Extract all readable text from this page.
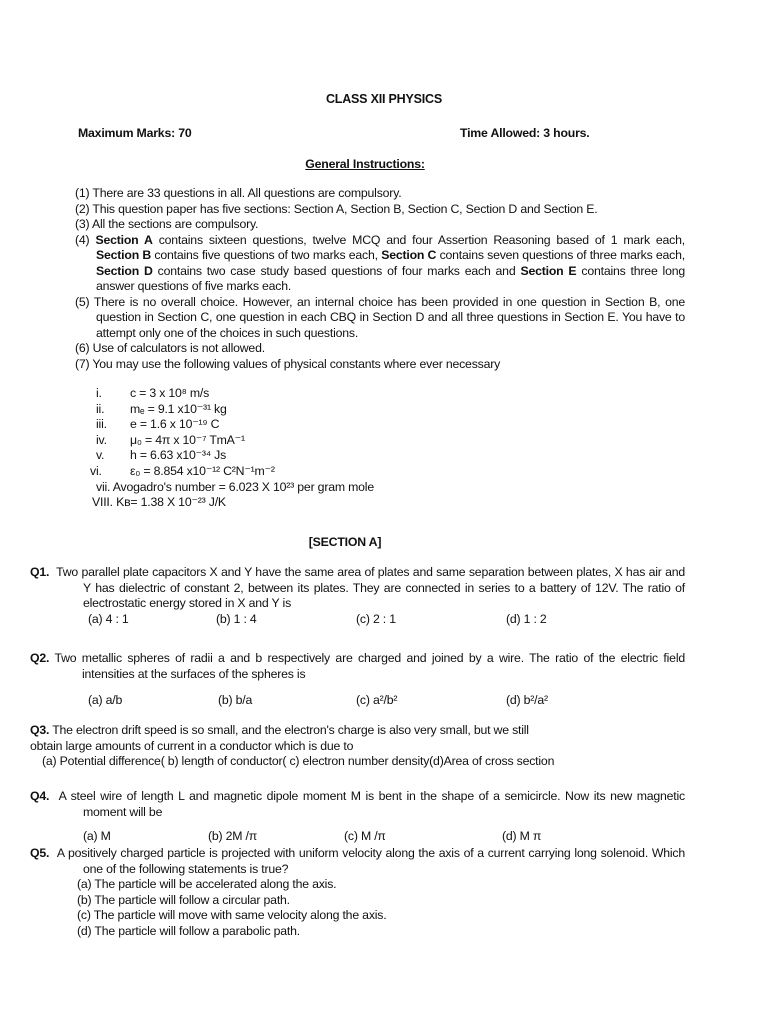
CLASS XII PHYSICS
Maximum Marks: 70	Time Allowed: 3 hours.
General Instructions:

(1) There are 33 questions in all. All questions are compulsory.

(2) This question paper has five sections: Section A, Section B, Section C, Section D and Section E.

(3) All the sections are compulsory.

(4) Section A contains sixteen questions, twelve MCQ and four Assertion Reasoning based of 1 mark each, Section B contains five questions of two marks each, Section C contains seven questions of three marks each, Section D contains two case study based questions of four marks each and Section E contains three long answer questions of five marks each.

(5) There is no overall choice. However, an internal choice has been provided in one question in Section B, one question in Section C, one question in each CBQ in Section D and all three questions in Section E. You have to attempt only one of the choices in such questions.

(6) Use of calculators is not allowed.

(7) You may use the following values of physical constants where ever necessary

i.	c = 3 x 10⁸ m/s
ii.	mₑ = 9.1 x10⁻³¹ kg
iii.	e = 1.6 x 10⁻¹⁹ C
iv.	μ₀ = 4π x 10⁻⁷ TmA⁻¹
v.	h = 6.63 x10⁻³⁴ Js
vi.	ε₀ = 8.854 x10⁻¹² C²N⁻¹m⁻²
vii. Avogadro's number = 6.023 X 10²³ per gram mole
VIII. Kʙ= 1.38 X 10⁻²³ J/K
[SECTION A]
Q1. Two parallel plate capacitors X and Y have the same area of plates and same separation between plates, X has air and Y has dielectric of constant 2, between its plates. They are connected in series to a battery of 12V. The ratio of electrostatic energy stored in X and Y is
(a) 4 : 1	(b) 1 : 4	(c) 2 : 1	(d) 1 : 2
Q2. Two metallic spheres of radii a and b respectively are charged and joined by a wire. The ratio of the electric field intensities at the surfaces of the spheres is
(a) a/b	(b) b/a	(c) a²/b²	(d) b²/a²
Q3. The electron drift speed is so small, and the electron's charge is also very small, but we still
obtain large amounts of current in a conductor which is due to
(a) Potential difference( b) length of conductor( c) electron number density(d)Area of cross section
Q4. A steel wire of length L and magnetic dipole moment M is bent in the shape of a semicircle. Now its new magnetic moment will be
(a) M	(b) 2M /π	(c) M /π	(d) M π
Q5. A positively charged particle is projected with uniform velocity along the axis of a current carrying long solenoid. Which one of the following statements is true?
(a) The particle will be accelerated along the axis.
(b) The particle will follow a circular path.
(c) The particle will move with same velocity along the axis.
(d) The particle will follow a parabolic path.
